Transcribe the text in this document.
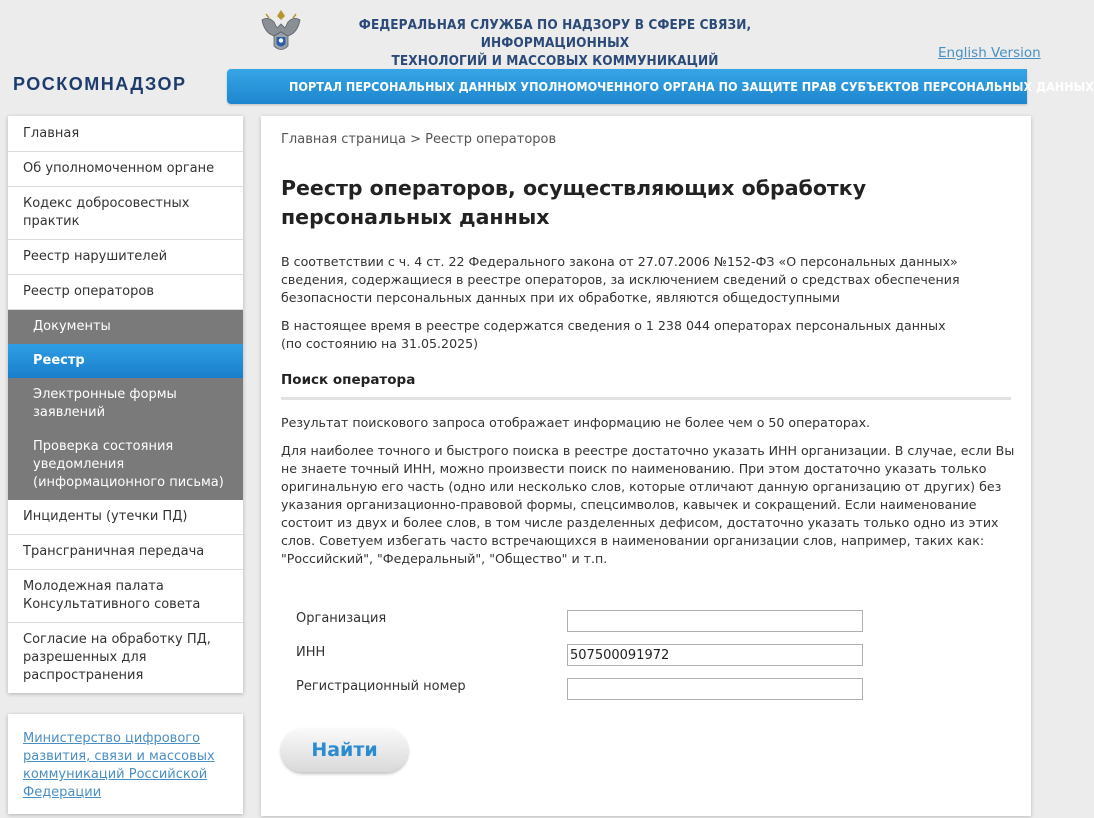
ФЕДЕРАЛЬНАЯ СЛУЖБА ПО НАДЗОРУ В СФЕРЕ СВЯЗИ, ИНФОРМАЦИОННЫХ
ТЕХНОЛОГИЙ И МАССОВЫХ КОММУНИКАЦИЙ	English Version
РОСКОМНАДЗОР	ПОРТАЛ ПЕРСОНАЛЬНЫХ ДАННЫХ УПОЛНОМОЧЕННОГО ОРГАНА ПО ЗАЩИТЕ ПРАВ СУБЪЕКТОВ ПЕРСОНАЛЬНЫХ ДАННЫХ
Главная
Об уполномоченном органе
Кодекс добросовестных практик
Реестр нарушителей
Реестр операторов
Документы
Реестр
Электронные формы заявлений
Проверка состояния уведомления (информационного письма)
Инциденты (утечки ПД)
Трансграничная передача
Молодежная палата Консультативного совета
Согласие на обработку ПД, разрешенных для распространения
Министерство цифрового развития, связи и массовых коммуникаций Российской Федерации
Главная страница > Реестр операторов
Реестр операторов, осуществляющих обработку персональных данных

В соответствии с ч. 4 ст. 22 Федерального закона от 27.07.2006 №152-ФЗ «О персональных данных» сведения, содержащиеся в реестре операторов, за исключением сведений о средствах обеспечения безопасности персональных данных при их обработке, являются общедоступными

В настоящее время в реестре содержатся сведения о 1 238 044 операторах персональных данных

(по состоянию на 31.05.2025)

Поиск оператора

Результат поискового запроса отображает информацию не более чем о 50 операторах.

Для наиболее точного и быстрого поиска в реестре достаточно указать ИНН организации. В случае, если Вы не знаете точный ИНН, можно произвести поиск по наименованию. При этом достаточно указать только оригинальную его часть (одно или несколько слов, которые отличают данную организацию от других) без указания организационно-правовой формы, спецсимволов, кавычек и сокращений. Если наименование состоит из двух и более слов, в том числе разделенных дефисом, достаточно указать только одно из этих слов. Советуем избегать часто встречающихся в наименовании организации слов, например, таких как: "Российский", "Федеральный", "Общество" и т.п.

Организация
ИНН
507500091972
Регистрационный номер
Найти
